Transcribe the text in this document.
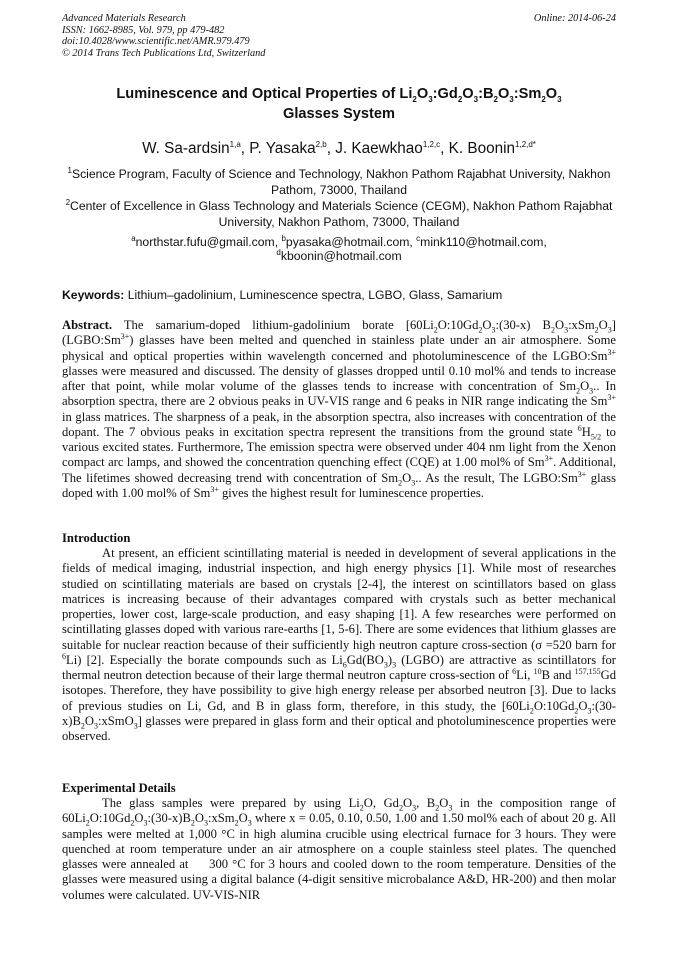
Advanced Materials Research
ISSN: 1662-8985, Vol. 979, pp 479-482
doi:10.4028/www.scientific.net/AMR.979.479
© 2014 Trans Tech Publications Ltd, Switzerland
Online: 2014-06-24
Luminescence and Optical Properties of $Li_2O_3:Gd_2O_3:B_2O_3:Sm_2O_3$
Glasses System
W. Sa-ardsin$^{1,a}$, P. Yasaka$^{2,b}$, J. Kaewkhao$^{1,2,c}$, K. Boonin$^{1,2,d*}$

$^1$Science Program, Faculty of Science and Technology, Nakhon Pathom Rajabhat University, Nakhon Pathom, 73000, Thailand

$^2$Center of Excellence in Glass Technology and Materials Science (CEGM), Nakhon Pathom Rajabhat University, Nakhon Pathom, 73000, Thailand

$^a$northstar.fufu@gmail.com, $^b$pyasaka@hotmail.com, $^c$mink110@hotmail.com,
$^d$kboonin@hotmail.com
Keywords: Lithium–gadolinium, Luminescence spectra, LGBO, Glass, Samarium

Abstract. The samarium-doped lithium-gadolinium borate [$60Li_2O:10Gd_2O_3:(30-x)$ $B_2O_3:xSm_2O_3$] $(LGBO:Sm^{3+})$ glasses have been melted and quenched in stainless plate under an air atmosphere. Some physical and optical properties within wavelength concerned and photoluminescence of the $LGBO:Sm^{3+}$ glasses were measured and discussed. The density of glasses dropped until 0.10 mol% and tends to increase after that point, while molar volume of the glasses tends to increase with concentration of $Sm_2O_3$.. In absorption spectra, there are 2 obvious peaks in UV-VIS range and 6 peaks in NIR range indicating the $Sm^{3+}$ in glass matrices. The sharpness of a peak, in the absorption spectra, also increases with concentration of the dopant. The 7 obvious peaks in excitation spectra represent the transitions from the ground state $^6H_{5/2}$ to various excited states. Furthermore, The emission spectra were observed under 404 nm light from the Xenon compact arc lamps, and showed the concentration quenching effect (CQE) at 1.00 mol% of $Sm^{3+}$. Additional, The lifetimes showed decreasing trend with concentration of $Sm_2O_3$.. As the result, The $LGBO:Sm^{3+}$ glass doped with 1.00 mol% of $Sm^{3+}$ gives the highest result for luminescence properties.

Introduction

At present, an efficient scintillating material is needed in development of several applications in the fields of medical imaging, industrial inspection, and high energy physics [1]. While most of researches studied on scintillating materials are based on crystals [2-4], the interest on scintillators based on glass matrices is increasing because of their advantages compared with crystals such as better mechanical properties, lower cost, large-scale production, and easy shaping [1]. A few researches were performed on scintillating glasses doped with various rare-earths [1, 5-6]. There are some evidences that lithium glasses are suitable for nuclear reaction because of their sufficiently high neutron capture cross-section (σ =520 barn for $^6$Li) [2]. Especially the borate compounds such as $Li_6Gd(BO_3)_3$ (LGBO) are attractive as scintillators for thermal neutron detection because of their large thermal neutron capture cross-section of $^6$Li, $^{10}$B and $^{157,155}$Gd isotopes. Therefore, they have possibility to give high energy release per absorbed neutron [3]. Due to lacks of previous studies on Li, Gd, and B in glass form, therefore, in this study, the $[60Li_2O:10Gd_2O_3:(30-x)B_2O_3:xSmO_3]$ glasses were prepared in glass form and their optical and photoluminescence properties were observed.

Experimental Details

The glass samples were prepared by using $Li_2O$, $Gd_2O_3$, $B_2O_3$ in the composition range of $60Li_2O:10Gd_2O_3:(30-x)B_2O_3:xSm_2O_3$ where x = 0.05, 0.10, 0.50, 1.00 and 1.50 mol% each of about 20 g. All samples were melted at 1,000 °C in high alumina crucible using electrical furnace for 3 hours. They were quenched at room temperature under an air atmosphere on a couple stainless steel plates. The quenched glasses were annealed at     300 °C for 3 hours and cooled down to the room temperature. Densities of the glasses were measured using a digital balance (4-digit sensitive microbalance A&D, HR-200) and then molar volumes were calculated. UV-VIS-NIR
